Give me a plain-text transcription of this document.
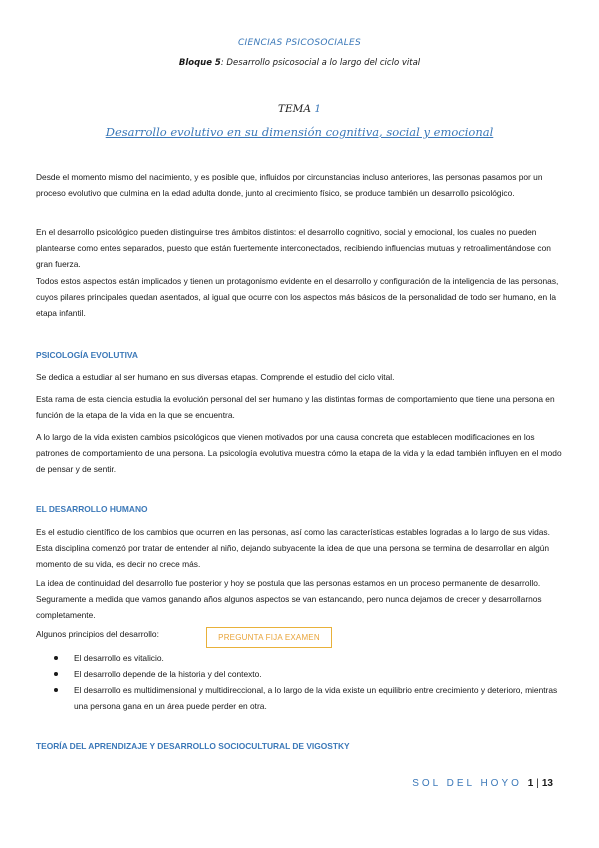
CIENCIAS PSICOSOCIALES
Bloque 5: Desarrollo psicosocial a lo largo del ciclo vital
TEMA 1
Desarrollo evolutivo en su dimensión cognitiva, social y emocional

Desde el momento mismo del nacimiento, y es posible que, influidos por circunstancias incluso anteriores, las personas pasamos por un proceso evolutivo que culmina en la edad adulta donde, junto al crecimiento físico, se produce también un desarrollo psicológico.

En el desarrollo psicológico pueden distinguirse tres ámbitos distintos: el desarrollo cognitivo, social y emocional, los cuales no pueden plantearse como entes separados, puesto que están fuertemente interconectados, recibiendo influencias mutuas y retroalimentándose con gran fuerza.

Todos estos aspectos están implicados y tienen un protagonismo evidente en el desarrollo y configuración de la inteligencia de las personas, cuyos pilares principales quedan asentados, al igual que ocurre con los aspectos más básicos de la personalidad de todo ser humano, en la etapa infantil.

PSICOLOGÍA EVOLUTIVA

Se dedica a estudiar al ser humano en sus diversas etapas. Comprende el estudio del ciclo vital.

Esta rama de esta ciencia estudia la evolución personal del ser humano y las distintas formas de comportamiento que tiene una persona en función de la etapa de la vida en la que se encuentra.

A lo largo de la vida existen cambios psicológicos que vienen motivados por una causa concreta que establecen modificaciones en los patrones de comportamiento de una persona. La psicología evolutiva muestra cómo la etapa de la vida y la edad también influyen en el modo de pensar y de sentir.

EL DESARROLLO HUMANO

Es el estudio científico de los cambios que ocurren en las personas, así como las características estables logradas a lo largo de sus vidas. Esta disciplina comenzó por tratar de entender al niño, dejando subyacente la idea de que una persona se termina de desarrollar en algún momento de su vida, es decir no crece más.

La idea de continuidad del desarrollo fue posterior y hoy se postula que las personas estamos en un proceso permanente de desarrollo. Seguramente a medida que vamos ganando años algunos aspectos se van estancando, pero nunca dejamos de crecer y desarrollarnos completamente.

Algunos principios del desarrollo:	PREGUNTA FIJA EXAMEN
El desarrollo es vitalicio.
El desarrollo depende de la historia y del contexto.
El desarrollo es multidimensional y multidireccional, a lo largo de la vida existe un equilibrio entre crecimiento y deterioro, mientras una persona gana en un área puede perder en otra.

TEORÍA DEL APRENDIZAJE Y DESARROLLO SOCIOCULTURAL DE VIGOSTKY

SOL DEL HOYO 1 | 13
